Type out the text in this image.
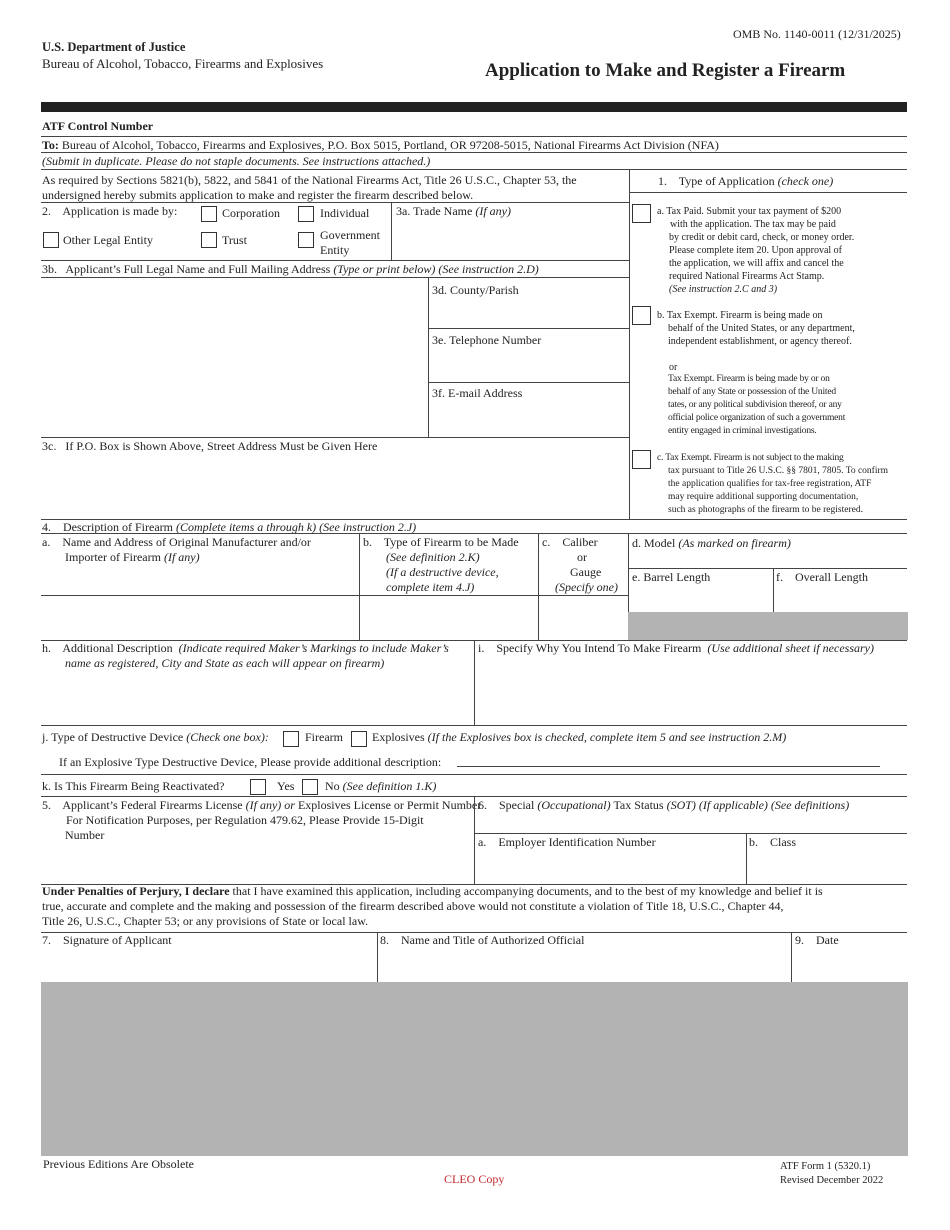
OMB No. 1140-0011 (12/31/2025)
U.S. Department of Justice
Bureau of Alcohol, Tobacco, Firearms and Explosives	Application to Make and Register a Firearm
ATF Control Number
To: Bureau of Alcohol, Tobacco, Firearms and Explosives, P.O. Box 5015, Portland, OR 97208-5015, National Firearms Act Division (NFA)
(Submit in duplicate. Please do not staple documents. See instructions attached.)
As required by Sections 5821(b), 5822, and 5841 of the National Firearms Act, Title 26 U.S.C., Chapter 53, the
undersigned hereby submits application to make and register the firearm described below.
2.    Application is made by:	Corporation	Individual
Other Legal Entity	Trust	Government
Entity
3a. Trade Name (If any)
3b.   Applicant’s Full Legal Name and Full Mailing Address (Type or print below) (See instruction 2.D)
3d. County/Parish
3e. Telephone Number
3f. E-mail Address
3c.   If P.O. Box is Shown Above, Street Address Must be Given Here
1.    Type of Application (check one)
a. Tax Paid. Submit your tax payment of $200
with the application. The tax may be paid
by credit or debit card, check, or money order.
Please complete item 20. Upon approval of
the application, we will affix and cancel the
required National Firearms Act Stamp.
(See instruction 2.C and 3)
b. Tax Exempt. Firearm is being made on
behalf of the United States, or any department,
independent establishment, or agency thereof.
or
Tax Exempt. Firearm is being made by or on
behalf of any State or possession of the United
tates, or any political subdivision thereof, or any
official police organization of such a government
entity engaged in criminal investigations.
c. Tax Exempt. Firearm is not subject to the making
tax pursuant to Title 26 U.S.C. §§ 7801, 7805. To confirm
the application qualifies for tax-free registration, ATF
may require additional supporting documentation,
such as photographs of the firearm to be registered.
4.    Description of Firearm (Complete items a through k) (See instruction 2.J)
a.    Name and Address of Original Manufacturer and/or
Importer of Firearm (If any)
b.    Type of Firearm to be Made
(See definition 2.K)
(If a destructive device,
complete item 4.J)
c.    Caliber
or
Gauge
(Specify one)
d. Model (As marked on firearm)
e. Barrel Length	f.    Overall Length
h.    Additional Description (Indicate required Maker’s Markings to include Maker’s
name as registered, City and State as each will appear on firearm)
i.    Specify Why You Intend To Make Firearm (Use additional sheet if necessary)
j. Type of Destructive Device (Check one box):	Firearm Explosives (If the Explosives box is checked, complete item 5 and see instruction 2.M)
If an Explosive Type Destructive Device, Please provide additional description:
k. Is This Firearm Being Reactivated?	Yes	No (See definition 1.K)
5.    Applicant’s Federal Firearms License (If any) or Explosives License or Permit Number
For Notification Purposes, per Regulation 479.62, Please Provide 15-Digit
Number
6.    Special (Occupational) Tax Status (SOT) (If applicable) (See definitions)
a.    Employer Identification Number	b.    Class
Under Penalties of Perjury, I declare that I have examined this application, including accompanying documents, and to the best of my knowledge and belief it is
true, accurate and complete and the making and possession of the firearm described above would not constitute a violation of Title 18, U.S.C., Chapter 44,
Title 26, U.S.C., Chapter 53; or any provisions of State or local law.
7.    Signature of Applicant	8.    Name and Title of Authorized Official	9.    Date
Previous Editions Are Obsolete
CLEO Copy
ATF Form 1 (5320.1)
Revised December 2022
